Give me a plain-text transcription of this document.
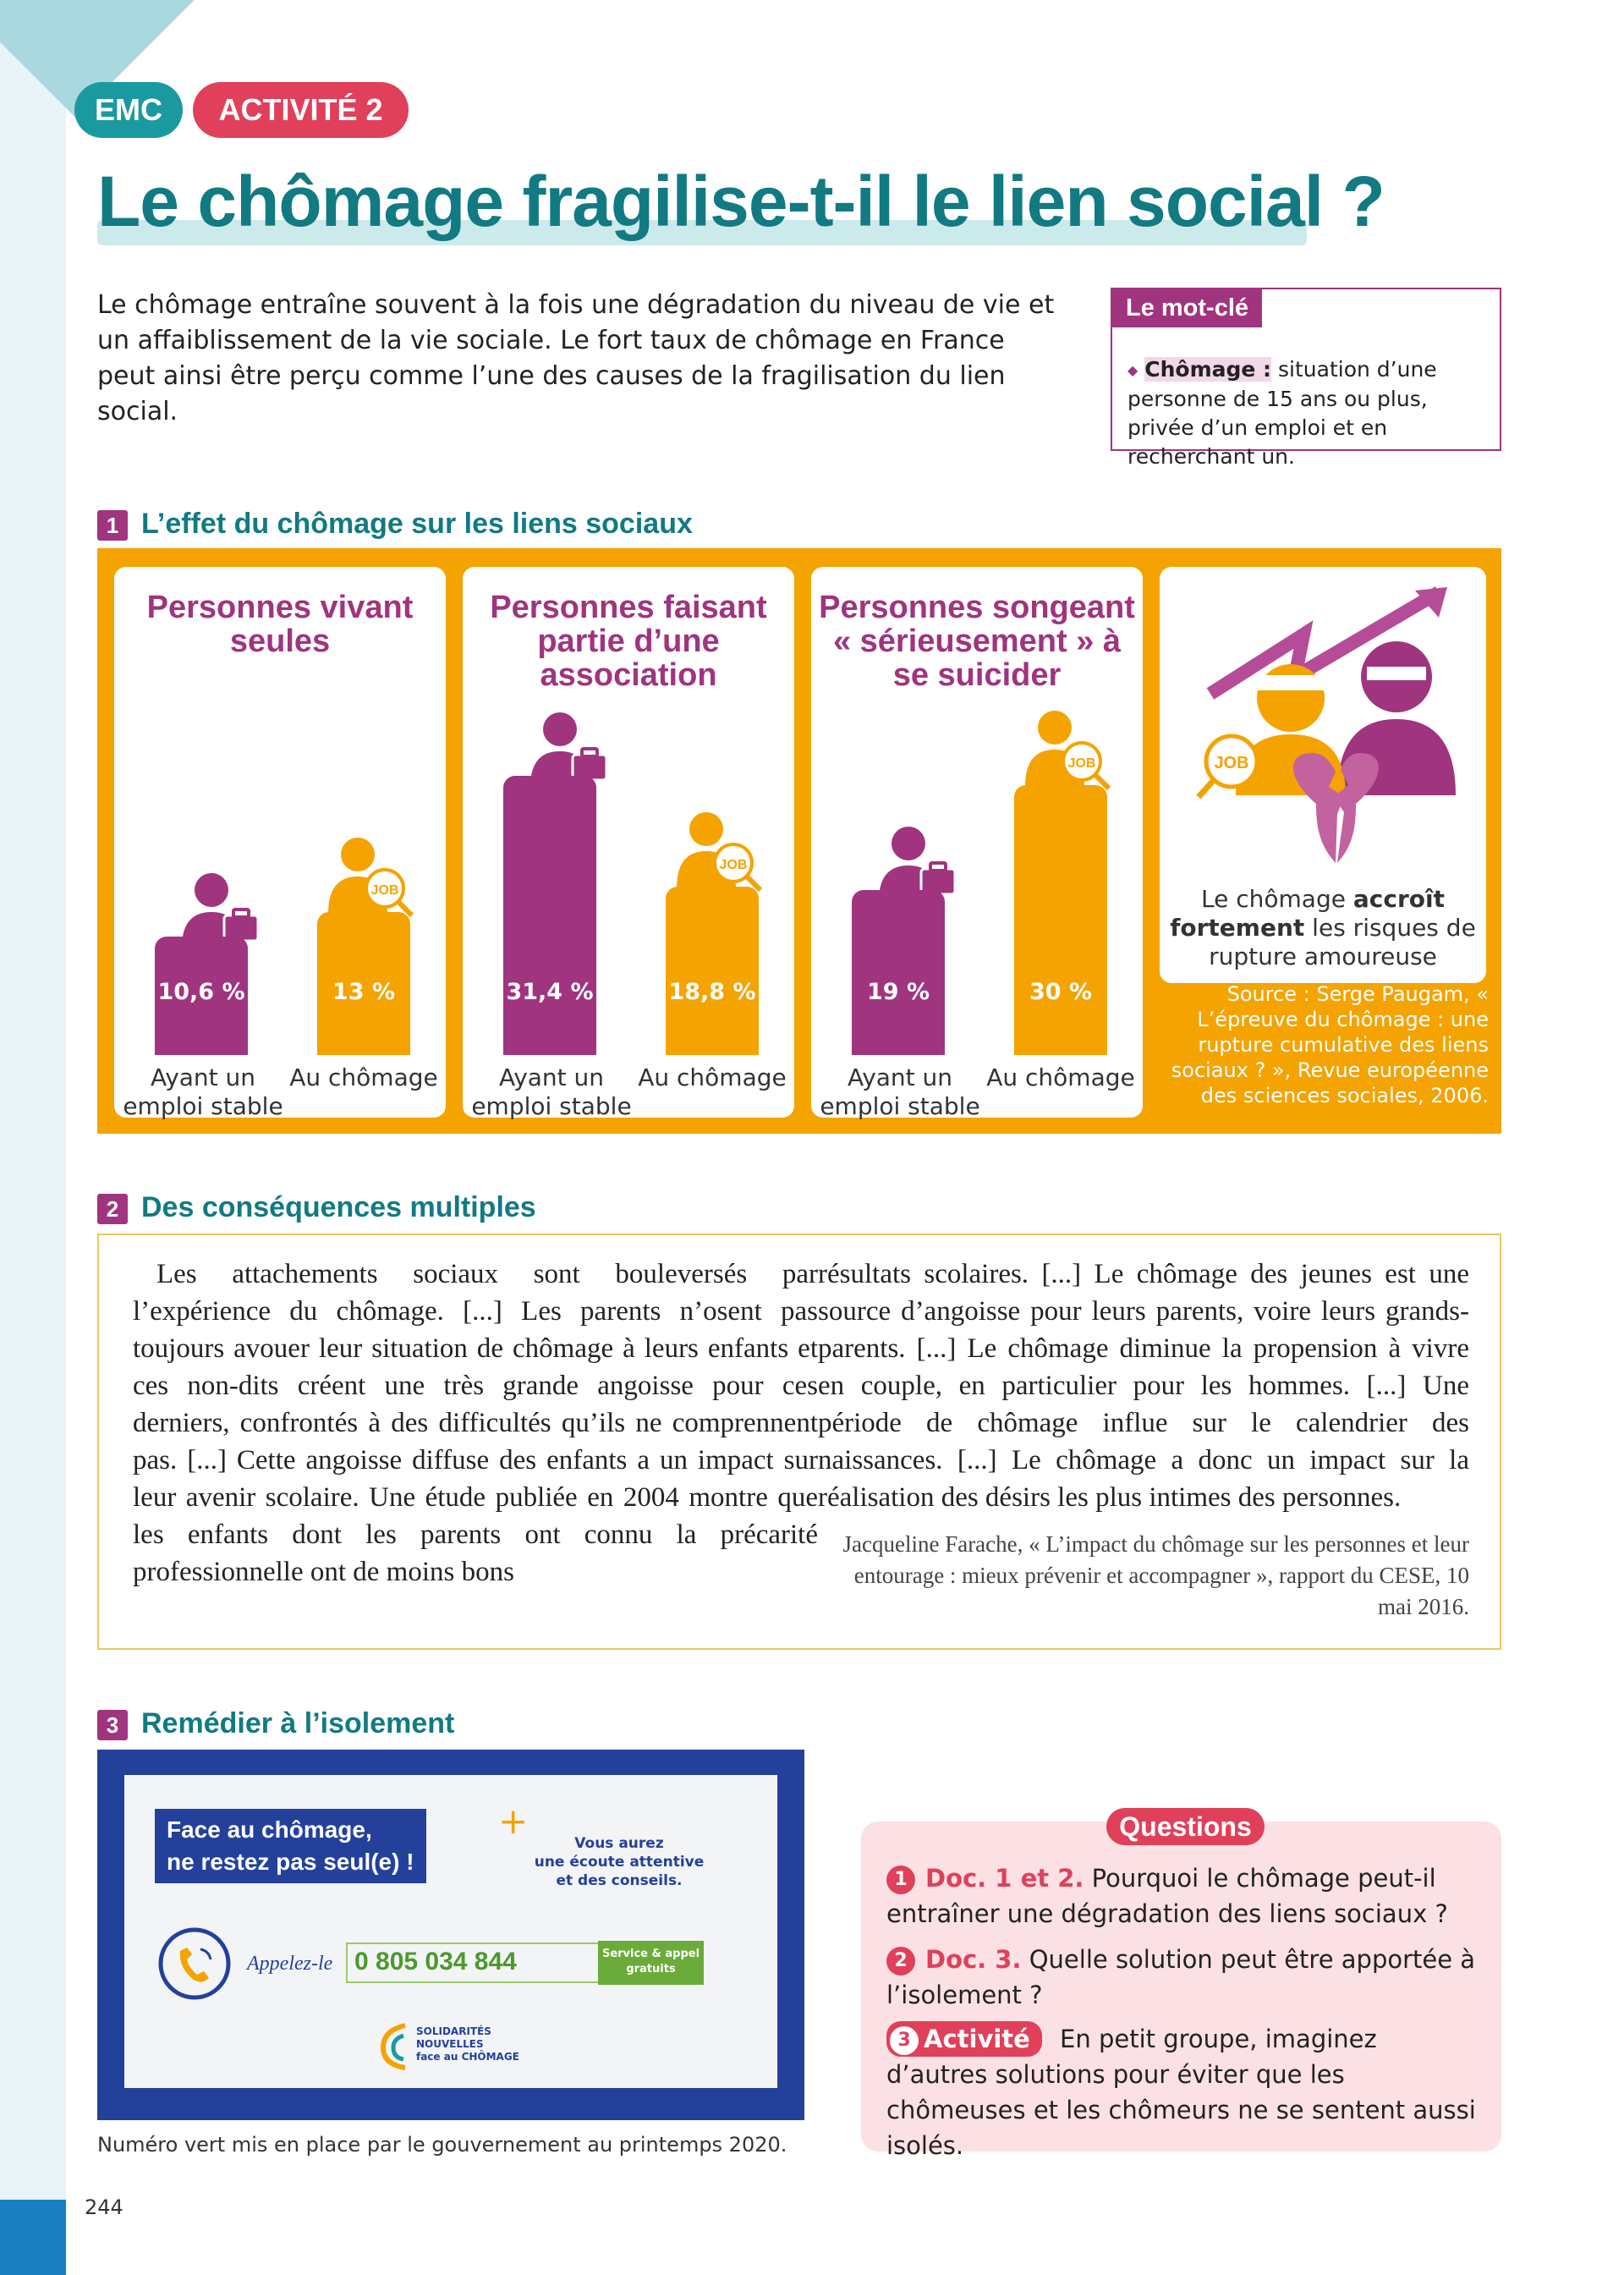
EMC	ACTIVITÉ 2
Le chômage fragilise-t-il le lien social ?
Le chômage entraîne souvent à la fois une dégradation du niveau de vie et un affaiblissement de la vie sociale. Le fort taux de chômage en France peut ainsi être perçu comme l’une des causes de la fragilisation du lien social.
Le mot-clé
◆ Chômage : situation d’une personne de 15 ans ou plus, privée d’un emploi et en recherchant un.
1 L’effet du chômage sur les liens sociaux
Personnes vivant seules
10,6 %
JOB
13 %
Ayant un emploi stable
Au chômage
Personnes faisant partie d’une association
31,4 %
JOB
18,8 %
Ayant un emploi stable
Au chômage
Personnes songeant « sérieusement » à se suicider
19 %
JOB
30 %
Ayant un emploi stable
Au chômage
JOB
Le chômage accroît fortement les risques de rupture amoureuse
Source : Serge Paugam, « L’épreuve du chômage : une rupture cumulative des liens sociaux ? », Revue européenne des sciences sociales, 2006.
2 Des conséquences multiples
Les attachements sociaux sont bouleversés par l’expérience du chômage. [...] Les parents n’osent pas toujours avouer leur situation de chômage à leurs enfants et ces non-dits créent une très grande angoisse pour ces derniers, confrontés à des difficultés qu’ils ne comprennent pas. [...] Cette angoisse diffuse des enfants a un impact sur leur avenir scolaire. Une étude publiée en 2004 montre que les enfants dont les parents ont connu la précarité professionnelle ont de moins bons
résultats scolaires. [...] Le chômage des jeunes est une source d’angoisse pour leurs parents, voire leurs grands-parents. [...] Le chômage diminue la propension à vivre en couple, en particulier pour les hommes. [...] Une période de chômage influe sur le calendrier des naissances. [...] Le chômage a donc un impact sur la réalisation des désirs les plus intimes des personnes.
Jacqueline Farache, « L’impact du chômage sur les personnes et leur entourage : mieux prévenir et accompagner », rapport du CESE, 10 mai 2016.
3 Remédier à l’isolement
Face au chômage,
ne restez pas seul(e) !
+
Vous aurez
une écoute attentive
et des conseils.
Appelez-le 0 805 034 844	Service & appel
gratuits
SOLIDARITÉS
NOUVELLES
face au CHÔMAGE
Numéro vert mis en place par le gouvernement au printemps 2020.
Questions
1 Doc. 1 et 2. Pourquoi le chômage peut-il entraîner une dégradation des liens sociaux ?
2 Doc. 3. Quelle solution peut être apportée à l’isolement ?
3 Activité En petit groupe, imaginez d’autres solutions pour éviter que les chômeuses et les chômeurs ne se sentent aussi isolés.
244
